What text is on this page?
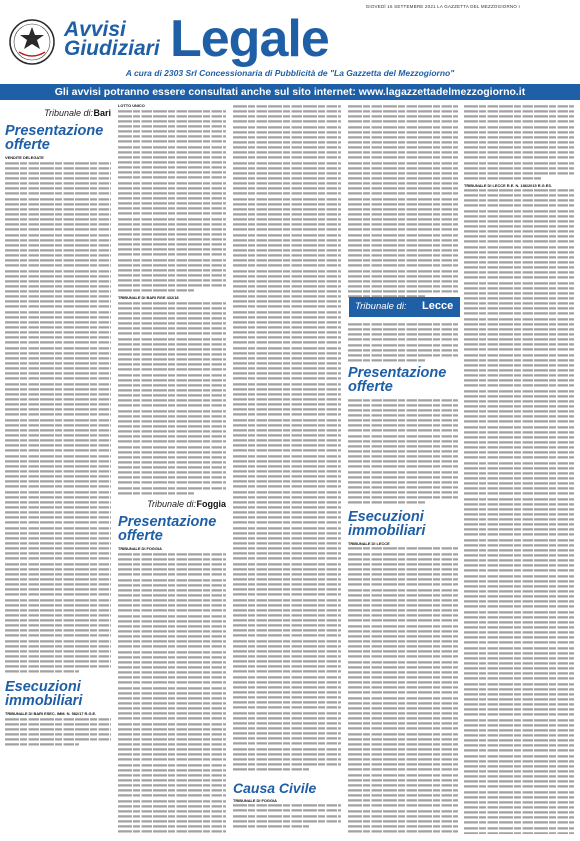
GIOVEDÌ 16 SETTEMBRE 2021 LA GAZZETTA DEL MEZZOGIORNO I
Avvisi
Giudiziari Legale
A cura di 2303 Srl Concessionaria di Pubblicità de "La Gazzetta del Mezzogiorno"
Gli avvisi potranno essere consultati anche sul sito internet: www.lagazzettadelmezzogiorno.it
Tribunale di: Bari
Presentazione offerte
VENDITE DELEGATE
Esecuzioni immobiliari
TRIBUNALE DI BARI ESEC. IMM. N. 582/17 R.G.E.
LOTTO UNICO
TRIBUNALE DI BARI RGE 432/18
Tribunale di: Foggia
Presentazione offerte
TRIBUNALE DI FOGGIA
Causa Civile
TRIBUNALE DI FOGGIA
Tribunale di: Lecce
Presentazione offerte
Esecuzioni immobiliari
TRIBUNALE DI LECCE
TRIBUNALE DI LECCE R.E. N. 186/2015 R.G.ES.
